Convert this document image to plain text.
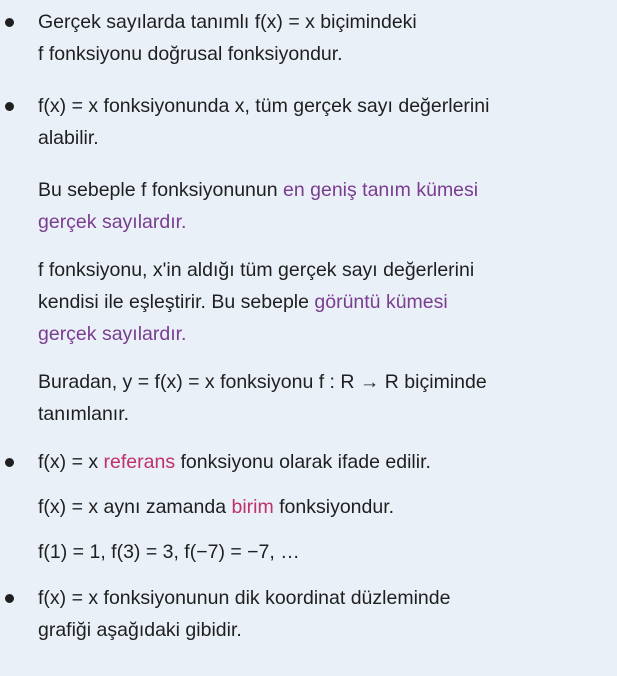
Gerçek sayılarda tanımlı f(x) = x biçimindeki
f fonksiyonu doğrusal fonksiyondur.
f(x) = x fonksiyonunda x, tüm gerçek sayı değerlerini
alabilir.
Bu sebeple f fonksiyonunun en geniş tanım kümesi
gerçek sayılardır.
f fonksiyonu, x'in aldığı tüm gerçek sayı değerlerini
kendisi ile eşleştirir. Bu sebeple görüntü kümesi
gerçek sayılardır.
Buradan, y = f(x) = x fonksiyonu f : R → R biçiminde
tanımlanır.
f(x) = x referans fonksiyonu olarak ifade edilir.
f(x) = x aynı zamanda birim fonksiyondur.
f(1) = 1, f(3) = 3, f(−7) = −7, …
f(x) = x fonksiyonunun dik koordinat düzleminde
grafiği aşağıdaki gibidir.
